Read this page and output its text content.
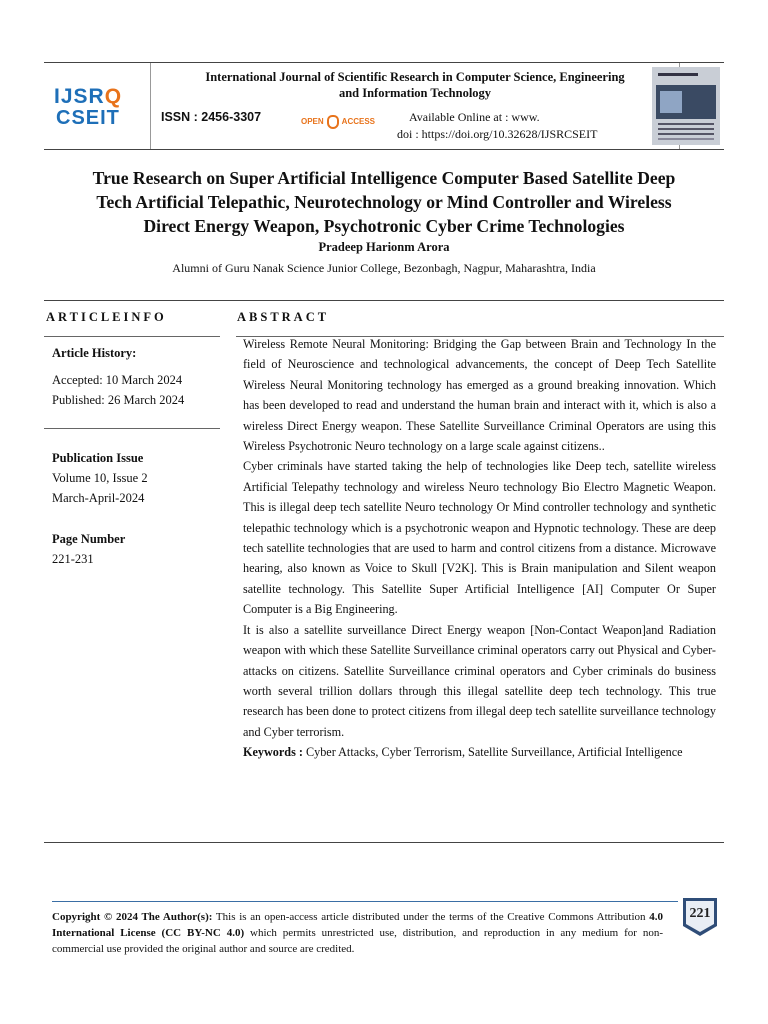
IJSRQ
CSEIT
International Journal of Scientific Research in Computer Science, Engineering
and Information Technology
ISSN : 2456-3307	OPEN ACCESS	Available Online at : www.
doi : https://doi.org/10.32628/IJSRCSEIT
True Research on Super Artificial Intelligence Computer Based Satellite Deep
Tech Artificial Telepathic, Neurotechnology or Mind Controller and Wireless
Direct Energy Weapon, Psychotronic Cyber Crime Technologies
Pradeep Harionm Arora
Alumni of Guru Nanak Science Junior College, Bezonbagh, Nagpur, Maharashtra, India
ARTICLEINFO	ABSTRACT
Article History:
Accepted: 10 March 2024
Published: 26 March 2024
Publication Issue
Volume 10, Issue 2
March-April-2024
Page Number
221-231

Wireless Remote Neural Monitoring: Bridging the Gap between Brain and Technology In the field of Neuroscience and technological advancements, the concept of Deep Tech Satellite Wireless Neural Monitoring technology has emerged as a ground breaking innovation. Which has been developed to read and understand the human brain and interact with it, which is also a wireless Direct Energy weapon. These Satellite Surveillance Criminal Operators are using this Wireless Psychotronic Neuro technology on a large scale against citizens..

Cyber criminals have started taking the help of technologies like Deep tech, satellite wireless Artificial Telepathy technology and wireless Neuro technology Bio Electro Magnetic Weapon. This is illegal deep tech satellite Neuro technology Or Mind controller technology and synthetic telepathic technology which is a psychotronic weapon and Hypnotic technology. These are deep tech satellite technologies that are used to harm and control citizens from a distance. Microwave hearing, also known as Voice to Skull [V2K]. This is Brain manipulation and Silent weapon satellite technology. This Satellite Super Artificial Intelligence [AI] Computer Or Super Computer is a Big Engineering.

It is also a satellite surveillance Direct Energy weapon [Non-Contact Weapon]and Radiation weapon with which these Satellite Surveillance criminal operators carry out Physical and Cyber-attacks on citizens. Satellite Surveillance criminal operators and Cyber criminals do business worth several trillion dollars through this illegal satellite deep tech technology. This true research has been done to protect citizens from illegal deep tech satellite surveillance technology and Cyber terrorism.

Keywords : Cyber Attacks, Cyber Terrorism, Satellite Surveillance, Artificial Intelligence

Copyright © 2024 The Author(s): This is an open-access article distributed under the terms of the Creative Commons Attribution 4.0 International License (CC BY-NC 4.0) which permits unrestricted use, distribution, and reproduction in any medium for non-commercial use provided the original author and source are credited.
221
